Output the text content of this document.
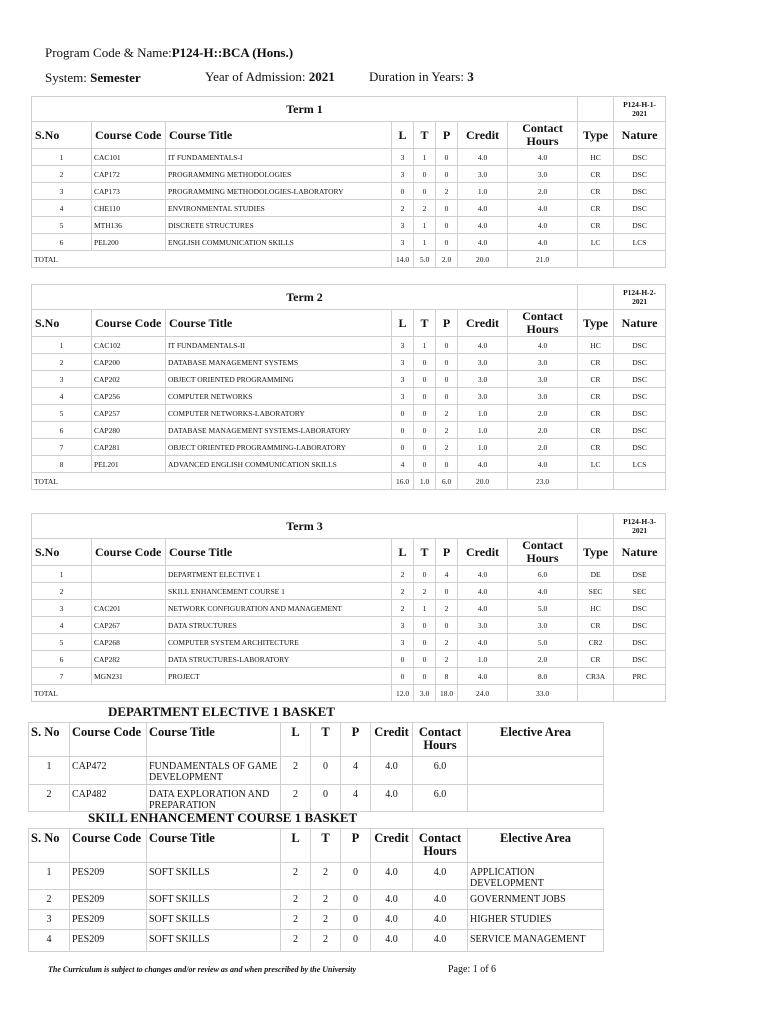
Program Code & Name:P124-H::BCA (Hons.)
System: Semester	Year of Admission: 2021	Duration in Years: 3
Term 1									P124-H-1-2021
S.No	Course Code	Course Title	L	T	P	Credit	Contact Hours	Type	Nature
1	CAC101	IT FUNDAMENTALS-I	3	1	0	4.0	4.0	HC	DSC
2	CAP172	PROGRAMMING METHODOLOGIES	3	0	0	3.0	3.0	CR	DSC
3	CAP173	PROGRAMMING METHODOLOGIES-LABORATORY	0	0	2	1.0	2.0	CR	DSC
4	CHE110	ENVIRONMENTAL STUDIES	2	2	0	4.0	4.0	CR	DSC
5	MTH136	DISCRETE STRUCTURES	3	1	0	4.0	4.0	CR	DSC
6	PEL200	ENGLISH COMMUNICATION SKILLS	3	1	0	4.0	4.0	LC	LCS
TOTAL			14.0	5.0	2.0	20.0	21.0		
Term 2									P124-H-2-2021
S.No	Course Code	Course Title	L	T	P	Credit	Contact Hours	Type	Nature
1	CAC102	IT FUNDAMENTALS-II	3	1	0	4.0	4.0	HC	DSC
2	CAP200	DATABASE MANAGEMENT SYSTEMS	3	0	0	3.0	3.0	CR	DSC
3	CAP202	OBJECT ORIENTED PROGRAMMING	3	0	0	3.0	3.0	CR	DSC
4	CAP256	COMPUTER NETWORKS	3	0	0	3.0	3.0	CR	DSC
5	CAP257	COMPUTER NETWORKS-LABORATORY	0	0	2	1.0	2.0	CR	DSC
6	CAP280	DATABASE MANAGEMENT SYSTEMS-LABORATORY	0	0	2	1.0	2.0	CR	DSC
7	CAP281	OBJECT ORIENTED PROGRAMMING-LABORATORY	0	0	2	1.0	2.0	CR	DSC
8	PEL201	ADVANCED ENGLISH COMMUNICATION SKILLS	4	0	0	4.0	4.0	LC	LCS
TOTAL			16.0	1.0	6.0	20.0	23.0		
Term 3									P124-H-3-2021
S.No	Course Code	Course Title	L	T	P	Credit	Contact Hours	Type	Nature
1		DEPARTMENT ELECTIVE 1	2	0	4	4.0	6.0	DE	DSE
2		SKILL ENHANCEMENT COURSE 1	2	2	0	4.0	4.0	SEC	SEC
3	CAC201	NETWORK CONFIGURATION AND MANAGEMENT	2	1	2	4.0	5.0	HC	DSC
4	CAP267	DATA STRUCTURES	3	0	0	3.0	3.0	CR	DSC
5	CAP268	COMPUTER SYSTEM ARCHITECTURE	3	0	2	4.0	5.0	CR2	DSC
6	CAP282	DATA STRUCTURES-LABORATORY	0	0	2	1.0	2.0	CR	DSC
7	MGN231	PROJECT	0	0	8	4.0	8.0	CR3A	PRC
TOTAL			12.0	3.0	18.0	24.0	33.0		
DEPARTMENT ELECTIVE 1 BASKET
SKILL ENHANCEMENT COURSE 1 BASKET
S. No	Course Code	Course Title	L	T	P	Credit	Contact Hours	Elective Area
1	CAP472	FUNDAMENTALS OF GAME DEVELOPMENT	2	0	4	4.0	6.0	
2	CAP482	DATA EXPLORATION AND PREPARATION	2	0	4	4.0	6.0	
S. No	Course Code	Course Title	L	T	P	Credit	Contact Hours	Elective Area
1	PES209	SOFT SKILLS	2	2	0	4.0	4.0	APPLICATION DEVELOPMENT
2	PES209	SOFT SKILLS	2	2	0	4.0	4.0	GOVERNMENT JOBS
3	PES209	SOFT SKILLS	2	2	0	4.0	4.0	HIGHER STUDIES
4	PES209	SOFT SKILLS	2	2	0	4.0	4.0	SERVICE MANAGEMENT
The Curriculum is subject to changes and/or review as and when prescribed by the University	Page: 1 of 6
